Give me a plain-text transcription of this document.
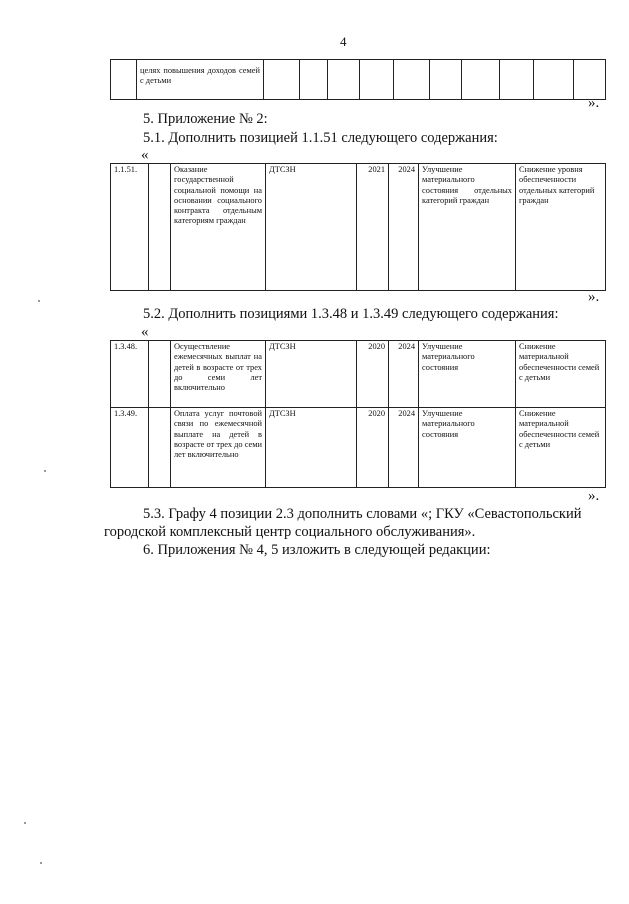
4
	целях повышения доходов семей с детьми										
».
5. Приложение № 2:
5.1. Дополнить позицией 1.1.51 следующего содержания:
«
1.1.51.		Оказание государственной социальной помощи на основании социального контракта отдельным категориям граждан	ДТСЗН	2021	2024	Улучшение материального состояния отдельных категорий граждан	Снижение уровня обеспеченности отдельных категорий граждан
».
5.2. Дополнить позициями 1.3.48 и 1.3.49 следующего содержания:
«
1.3.48.		Осуществление ежемесячных выплат на детей в возрасте от трех до семи лет включительно	ДТСЗН	2020	2024	Улучшение материального состояния	Снижение материальной обеспеченности семей с детьми
1.3.49.		Оплата услуг почтовой связи по ежемесячной выплате на детей в возрасте от трех до семи лет включительно	ДТСЗН	2020	2024	Улучшение материального состояния	Снижение материальной обеспеченности семей с детьми
».
5.3. Графу 4 позиции 2.3 дополнить словами «; ГКУ «Севастопольский
городской комплексный центр социального обслуживания».
6. Приложения № 4, 5 изложить в следующей редакции:
